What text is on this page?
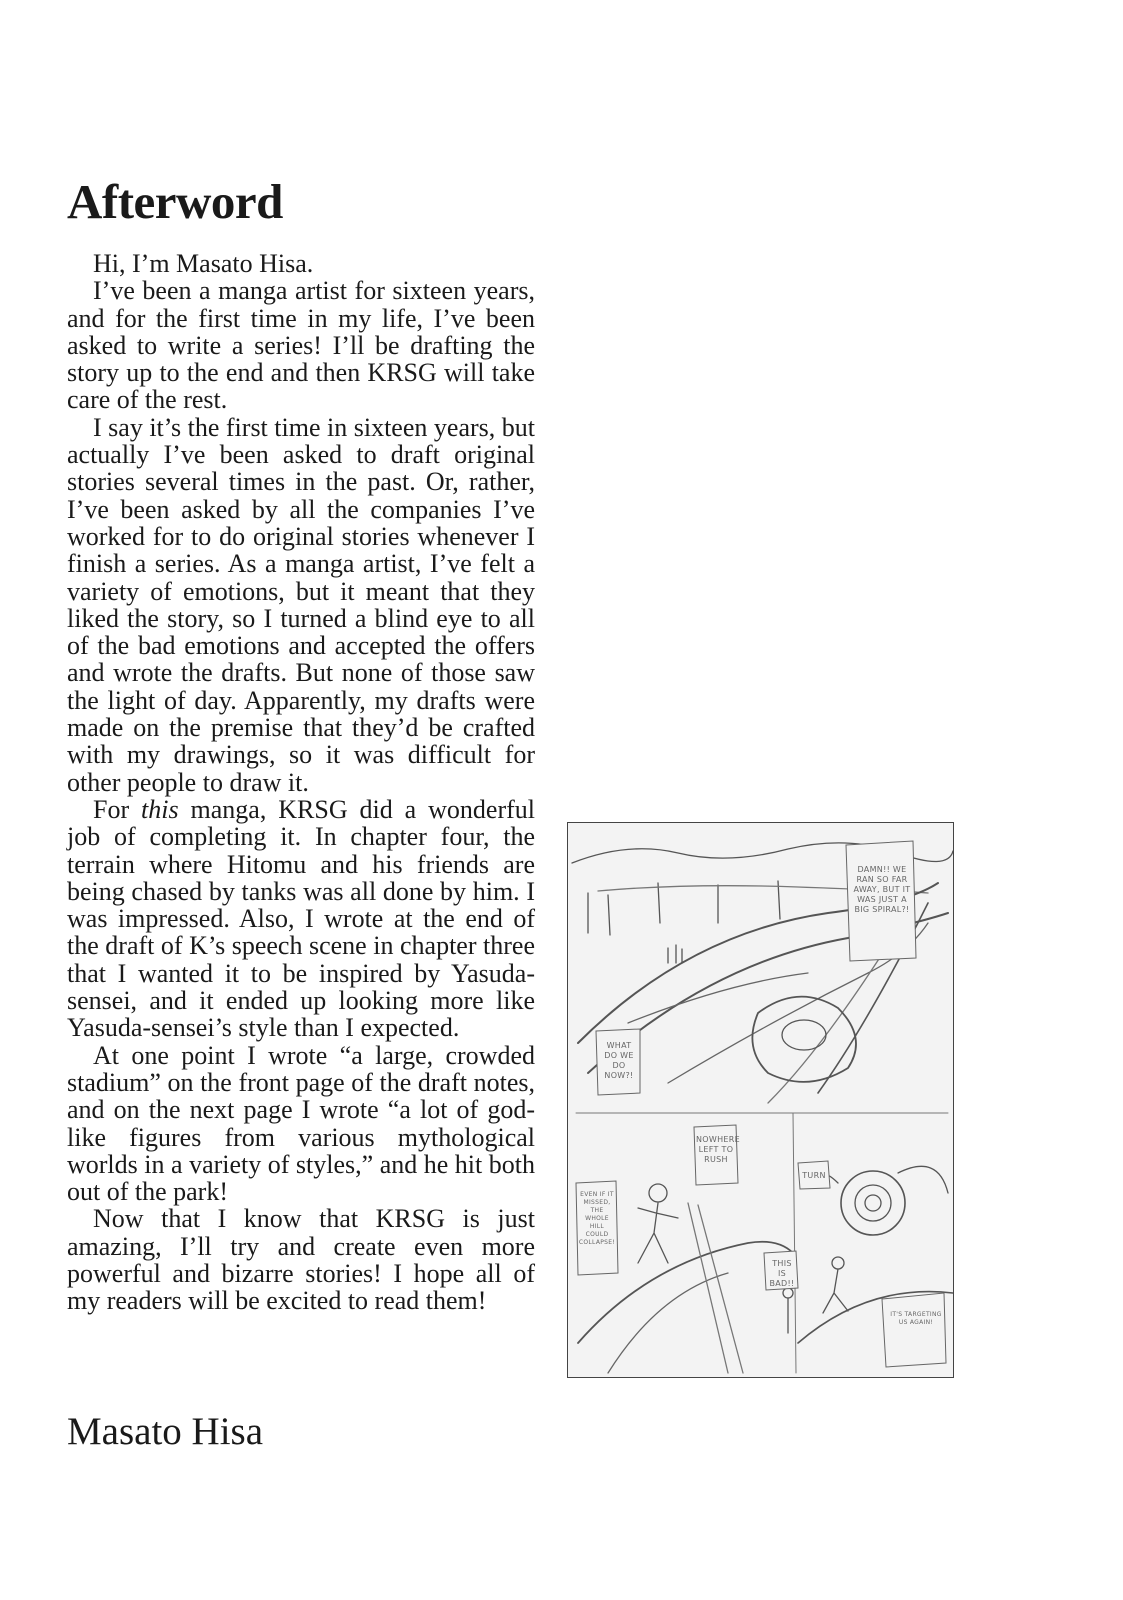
Afterword

Hi, I’m Masato Hisa.

I’ve been a manga artist for sixteen years, and for the first time in my life, I’ve been asked to write a series! I’ll be drafting the story up to the end and then KRSG will take care of the rest.

I say it’s the first time in sixteen years, but actually I’ve been asked to draft original stories several times in the past. Or, rather, I’ve been asked by all the companies I’ve worked for to do original stories whenever I finish a series. As a manga artist, I’ve felt a variety of emotions, but it meant that they liked the story, so I turned a blind eye to all of the bad emotions and accepted the offers and wrote the drafts. But none of those saw the light of day. Apparently, my drafts were made on the premise that they’d be crafted with my drawings, so it was difficult for other people to draw it.

For this manga, KRSG did a wonderful job of completing it. In chapter four, the terrain where Hitomu and his friends are being chased by tanks was all done by him. I was impressed. Also, I wrote at the end of the draft of K’s speech scene in chapter three that I wanted it to be inspired by Yasuda-sensei, and it ended up looking more like Yasuda-sensei’s style than I expected.

At one point I wrote “a large, crowded stadium” on the front page of the draft notes, and on the next page I wrote “a lot of god-like figures from various mythological worlds in a variety of styles,” and he hit both out of the park!

Now that I know that KRSG is just amazing, I’ll try and create even more powerful and bizarre stories! I hope all of my readers will be excited to read them!

Masato Hisa
DAMN!! WE RAN SO FAR AWAY, BUT IT WAS JUST A BIG SPIRAL?!
WHAT DO WE DO NOW?!
NOWHERE LEFT TO RUSH
TURN
EVEN IF IT MISSED, THE WHOLE HILL COULD COLLAPSE!
THIS IS BAD!!
IT'S TARGETING US AGAIN!
